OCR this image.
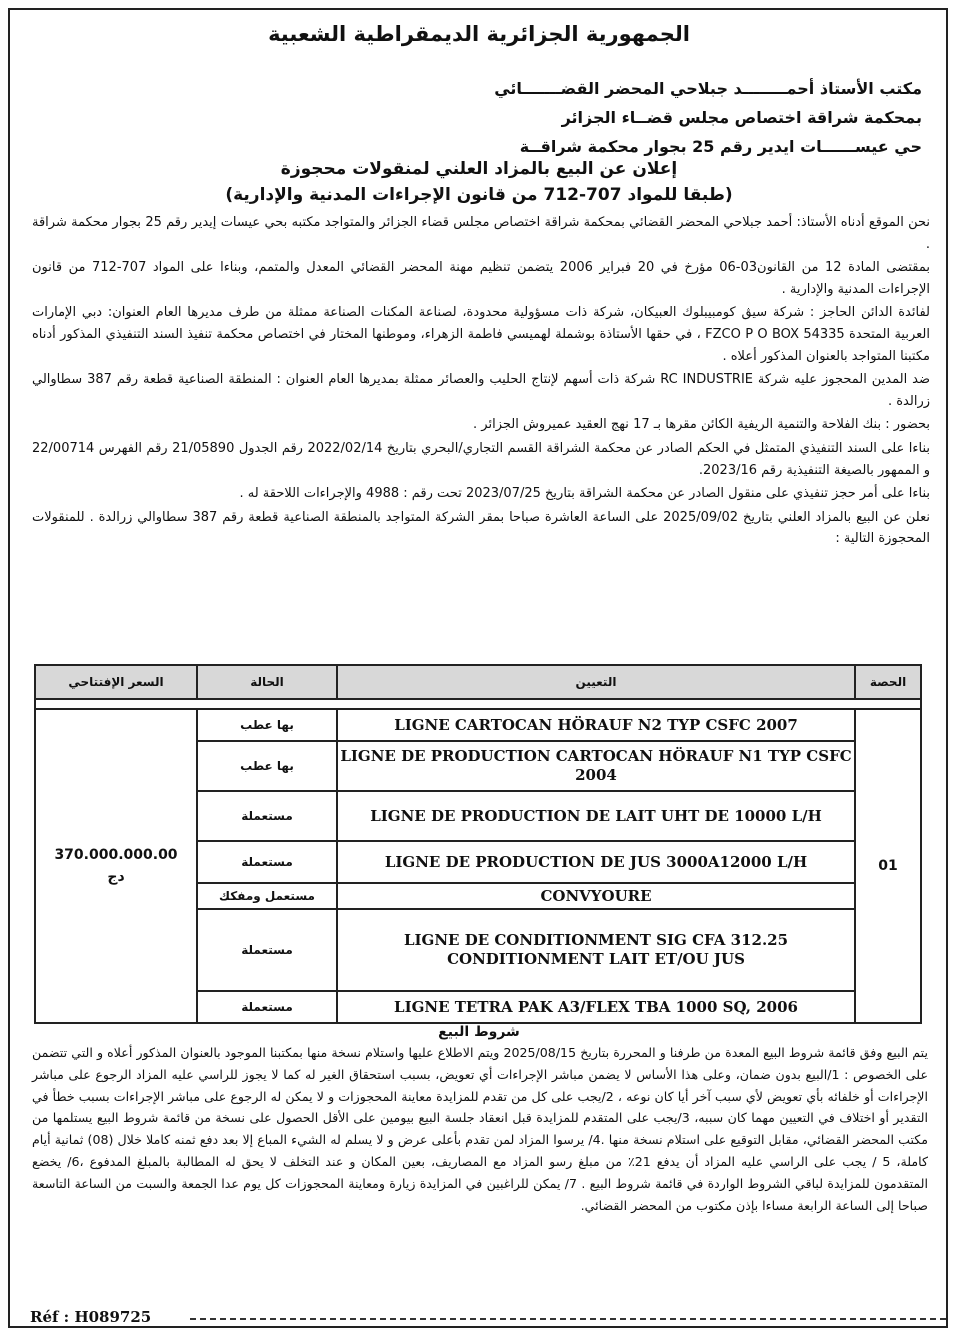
الجمهورية الجزائرية الديمقراطية الشعبية
مكتب الأستاذ أحمــــــــد جبلاحي المحضر القضـــــــائي
بمحكمة شراقة اختصاص مجلس قضــاء الجزائر
حي عيســــــات ايدير رقم 25 بجوار محكمة شراقــة
إعلان عن البيع بالمزاد العلني لمنقولات محجوزة
(طبقا للمواد 707-712 من قانون الإجراءات المدنية والإدارية)

نحن الموقع أدناه الأستاذ: أحمد جبلاحي المحضر القضائي بمحكمة شراقة اختصاص مجلس قضاء الجزائر والمتواجد مكتبه بحي عيسات إيدير رقم 25 بجوار محكمة شراقة .

بمقتضى المادة 12 من القانون03-06 مؤرخ في 20 فبراير 2006 يتضمن تنظيم مهنة المحضر القضائي المعدل والمتمم، وبناءا على المواد 707-712 من قانون الإجراءات المدنية والإدارية .

لفائدة الدائن الحاجز : شركة سيڨ كومبيبلوك العبيكان، شركة ذات مسؤولية محدودة، لصناعة المكنات الصناعة ممثلة من طرف مديرها العام العنوان: دبي الإمارات العربية المتحدة FZCO P O BOX 54335 ، في حقها الأستاذة بوشملة لهميسي فاطمة الزهراء، وموطنها المختار في اختصاص محكمة تنفيذ السند التنفيذي المذكور أدناه مكتبنا المتواجد بالعنوان المذكور أعلاه .

ضد المدين المحجوز عليه شركة RC INDUSTRIE شركة ذات أسهم لإنتاج الحليب والعصائر ممثلة بمديرها العام العنوان : المنطقة الصناعية قطعة رقم 387 سطاوالي زرالدة .

بحضور : بنك الفلاحة والتنمية الريفية الكائن مقرها بـ 17 نهج العقيد عميروش الجزائر .

بناءا على السند التنفيذي المتمثل في الحكم الصادر عن محكمة الشراقة القسم التجاري/البحري بتاريخ 2022/02/14 رقم الجدول 21/05890 رقم الفهرس 22/00714 و الممهور بالصيغة التنفيذية رقم 2023/16.

بناءا على أمر حجز تنفيذي على منقول الصادر عن محكمة الشراقة بتاريخ 2023/07/25 تحت رقم : 4988 والإجراءات اللاحقة له .

نعلن عن البيع بالمزاد العلني بتاريخ 2025/09/02 على الساعة العاشرة صباحا بمقر الشركة المتواجد بالمنطقة الصناعية قطعة رقم 387 سطاوالي زرالدة . للمنقولات المحجوزة التالية :

الحصة	التعيين	الحالة	السعر الإفتتاحي

01	LIGNE CARTOCAN HÖRAUF N2 TYP CSFC 2007	بها عطب	370.000.000.00
دج

	LIGNE DE PRODUCTION CARTOCAN HÖRAUF N1 TYP CSFC 2004	بها عطب	
	LIGNE DE PRODUCTION DE LAIT UHT DE 10000 L/H	مستعملة	
	LIGNE DE PRODUCTION DE JUS 3000A12000 L/H	مستعملة	
	CONVYOURE	مستعمل ومفكك	
	LIGNE DE CONDITIONMENT SIG CFA 312.25 CONDITIONMENT LAIT ET/OU JUS	مستعملة	
	LIGNE TETRA PAK A3/FLEX TBA 1000 SQ, 2006	مستعملة	
شروط البيع
يتم البيع وفق قائمة شروط البيع المعدة من طرفنا و المحررة بتاريخ 2025/08/15 ويتم الاطلاع عليها واستلام نسخة منها بمكتبنا الموجود بالعنوان المذكور أعلاه و التي تتضمن على الخصوص : 1/البيع بدون ضمان، وعلى هذا الأساس لا يضمن مباشر الإجراءات أي تعويض، بسبب استحقاق الغير له كما لا يجوز للراسي عليه المزاد الرجوع على مباشر الإجراءات أو خلفائه بأي تعويض لأي سبب آخر أيا كان نوعه ، 2/يجب على كل من تقدم للمزايدة معاينة المحجوزات و لا يمكن له الرجوع على مباشر الإجراءات بسبب خطأ في التقدير أو اختلاف في التعيين مهما كان سببه، 3/يجب على المتقدم للمزايدة قبل انعقاد جلسة البيع بيومين على الأقل الحصول على نسخة من قائمة شروط البيع يستلمها من مكتب المحضر القضائي، مقابل التوقيع على استلام نسخة منها .4/ يرسوا المزاد لمن تقدم بأعلى عرض و لا يسلم له الشيء المباع إلا بعد دفع ثمنه كاملا خلال (08) ثمانية أيام كاملة، 5 / يجب على الراسي عليه المزاد أن يدفع 21٪ من مبلغ رسو المزاد مع المصاريف، بعين المكان و عند التخلف لا يحق له المطالبة بالمبلغ المدفوع ،6/ يخضع المتقدمون للمزايدة لباقي الشروط الواردة في قائمة شروط البيع . 7/ يمكن للراغبين في المزايدة زيارة ومعاينة المحجوزات كل يوم عدا الجمعة والسبت من الساعة التاسعة صباحا إلى الساعة الرابعة مساءا بإذن مكتوب من المحضر القضائي.
Réf : H089725
